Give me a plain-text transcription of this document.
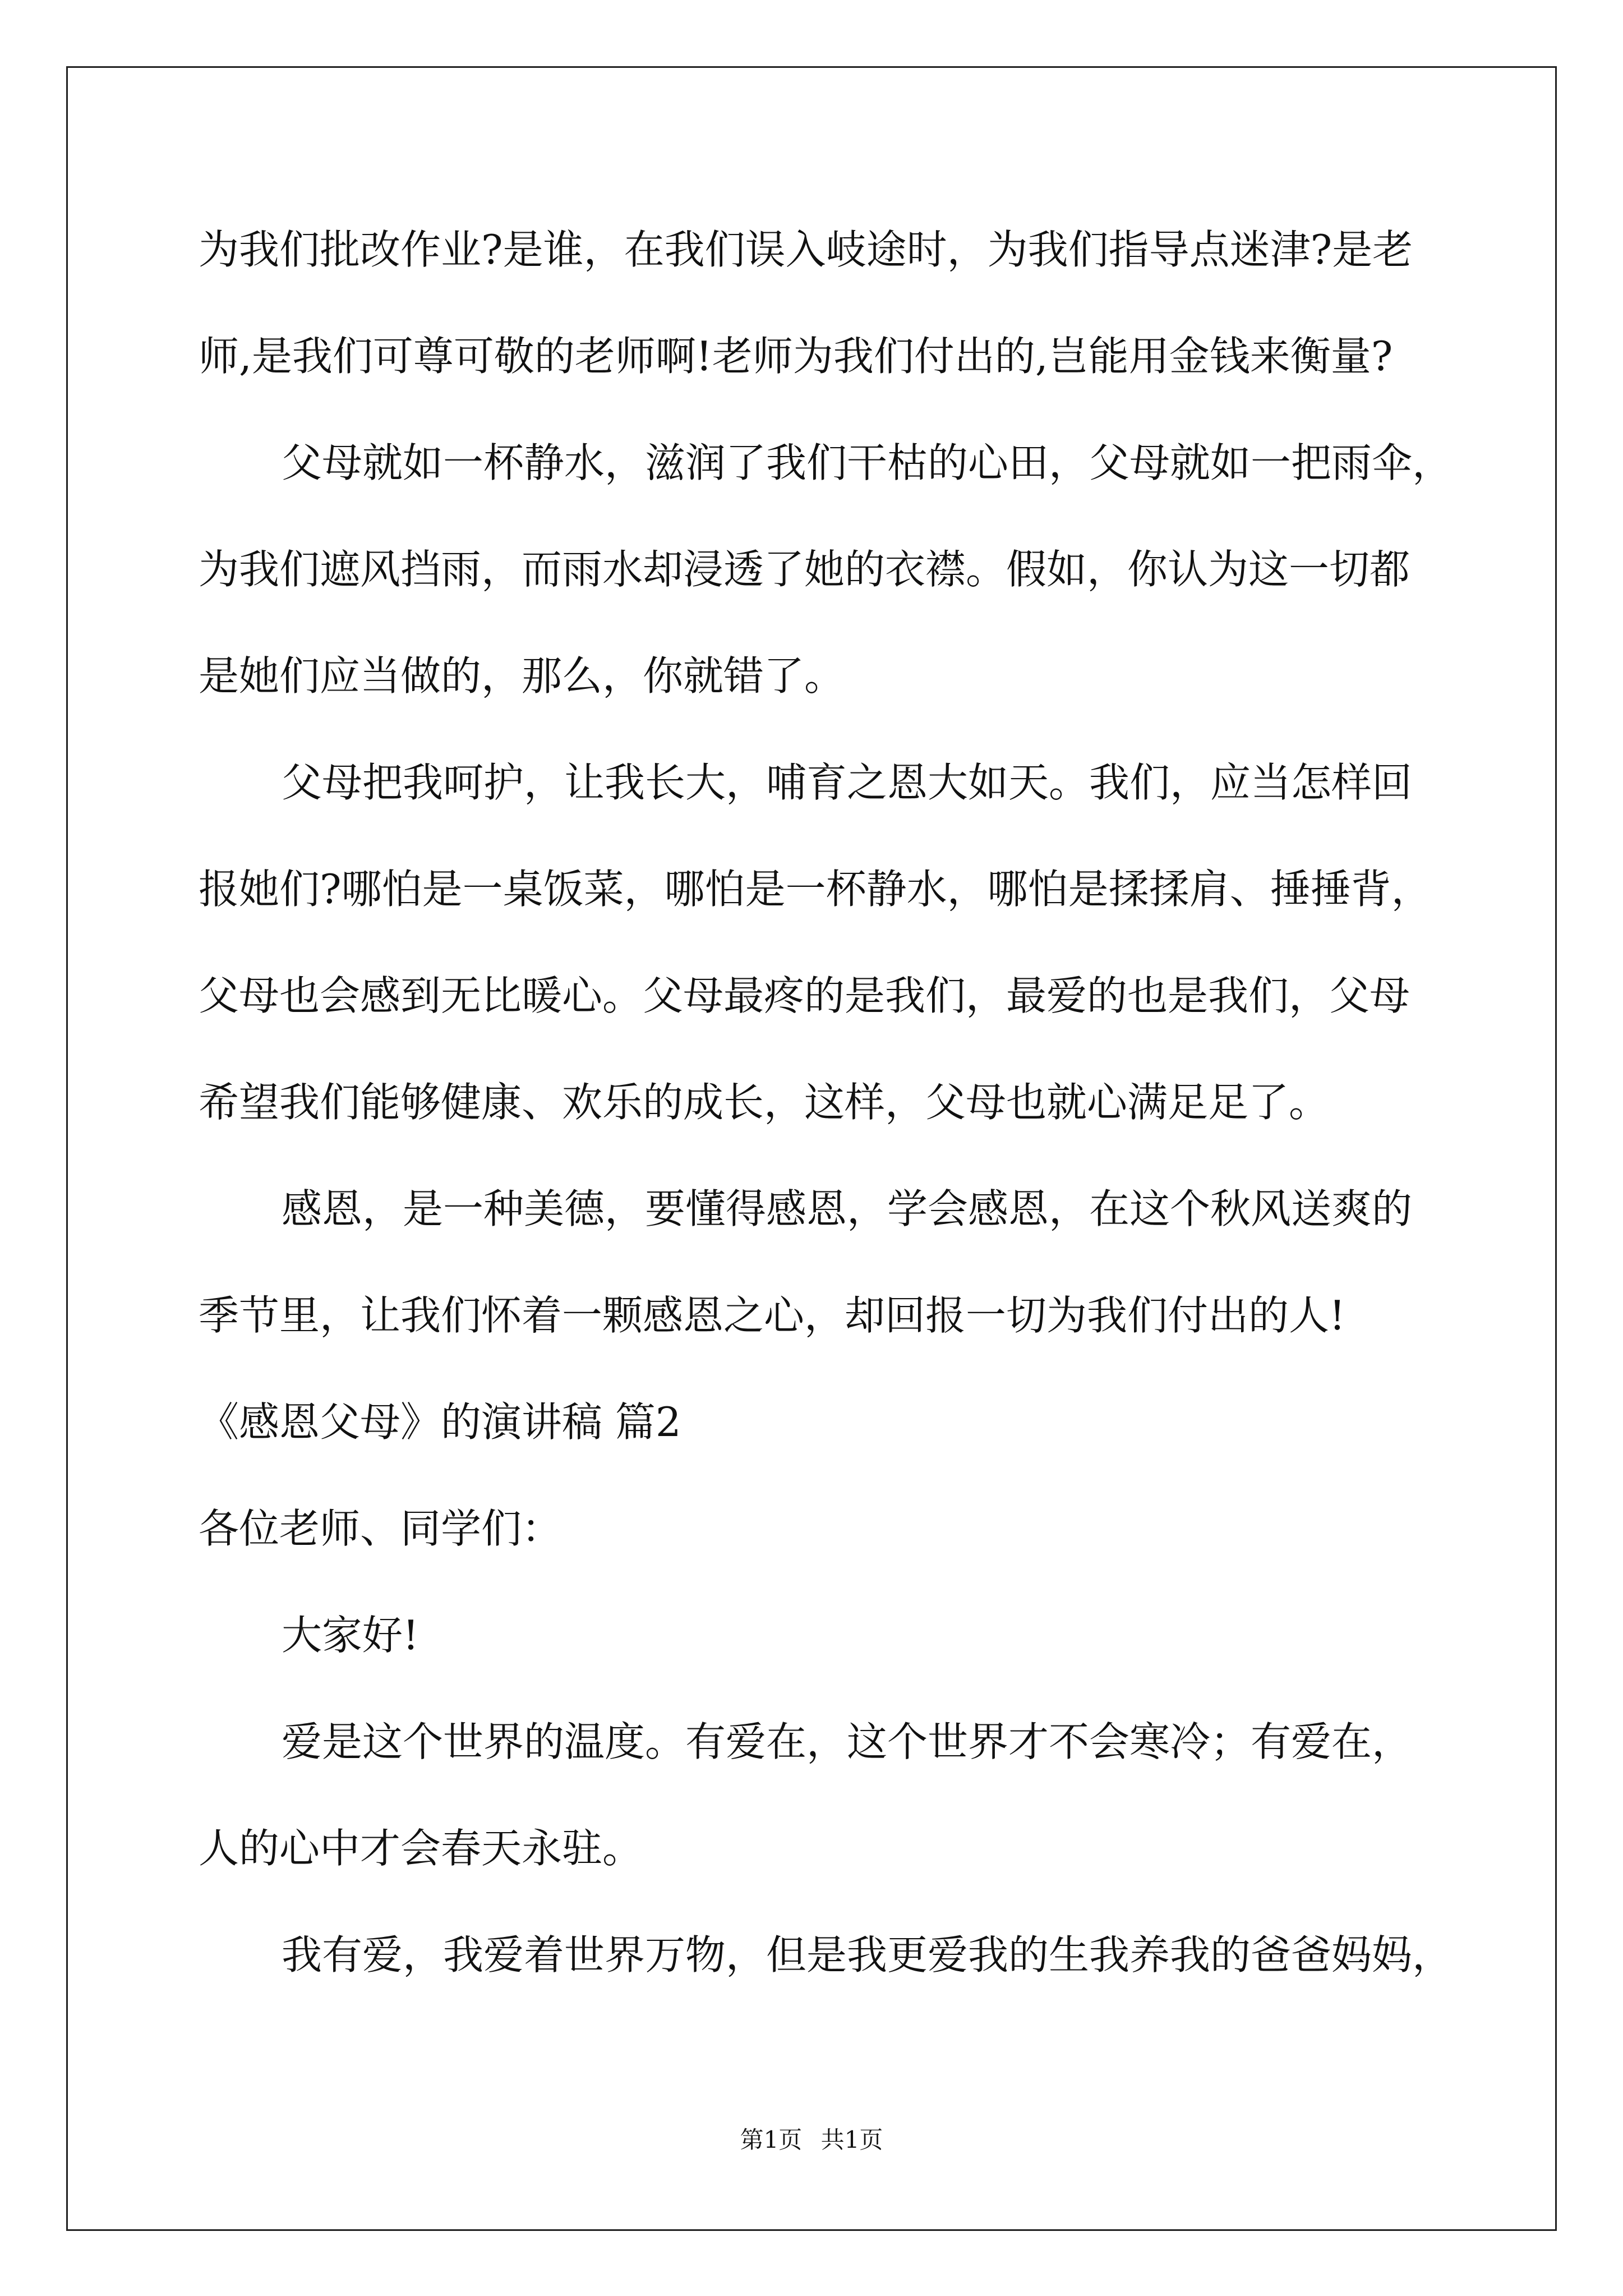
为我们批改作业?是谁，在我们误入岐途时，为我们指导点迷津?是老
师,是我们可尊可敬的老师啊!老师为我们付出的,岂能用金钱来衡量?
父母就如一杯静水，滋润了我们干枯的心田，父母就如一把雨伞，
为我们遮风挡雨，而雨水却浸透了她的衣襟。假如，你认为这一切都
是她们应当做的，那么，你就错了。
父母把我呵护，让我长大，哺育之恩大如天。我们，应当怎样回
报她们?哪怕是一桌饭菜，哪怕是一杯静水，哪怕是揉揉肩、捶捶背，
父母也会感到无比暖心。父母最疼的是我们，最爱的也是我们，父母
希望我们能够健康、欢乐的成长，这样，父母也就心满足足了。
感恩，是一种美德，要懂得感恩，学会感恩，在这个秋风送爽的
季节里，让我们怀着一颗感恩之心，却回报一切为我们付出的人!
《感恩父母》的演讲稿 篇2
各位老师、同学们：
大家好!
爱是这个世界的温度。有爱在，这个世界才不会寒冷；有爱在，
人的心中才会春天永驻。
我有爱，我爱着世界万物，但是我更爱我的生我养我的爸爸妈妈，
第1页 共1页
